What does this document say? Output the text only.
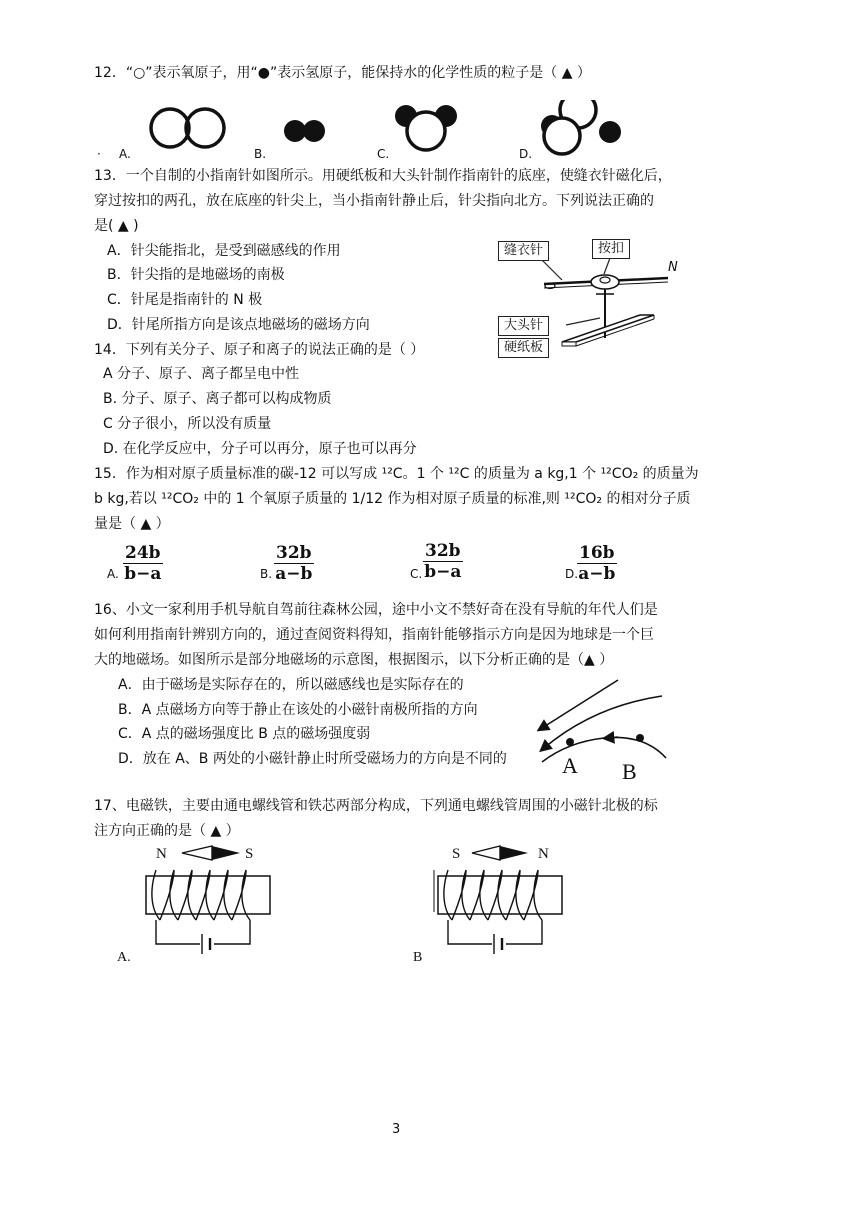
12．“○”表示氧原子，用“●”表示氢原子，能保持水的化学性质的粒子是（ ▲ ）
· A.	B.	C.	D.
13．一个自制的小指南针如图所示。用硬纸板和大头针制作指南针的底座，使缝衣针磁化后，
穿过按扣的两孔，放在底座的针尖上，当小指南针静止后，针尖指向北方。下列说法正确的
是( ▲ )
A．针尖能指北，是受到磁感线的作用
B．针尖指的是地磁场的南极
C．针尾是指南针的 N 极
D．针尾所指方向是该点地磁场的磁场方向
缝衣针	按扣
大头针
硬纸板
N
14．下列有关分子、原子和离子的说法正确的是（ ）
A 分子、原子、离子都呈电中性
B. 分子、原子、离子都可以构成物质
C 分子很小，所以没有质量
D. 在化学反应中，分子可以再分，原子也可以再分
15．作为相对原子质量标准的碳-12 可以写成 ¹²C。1 个 ¹²C 的质量为 a kg,1 个 ¹²CO₂ 的质量为
b kg,若以 ¹²CO₂ 中的 1 个氧原子质量的 1/12 作为相对原子质量的标准,则 ¹²CO₂ 的相对分子质
量是（ ▲ ）
A. $\frac{24b}{b-a}$	B. $\frac{32b}{a-b}$	C. $\frac{32b}{b-a}$	D.
$\frac{16b}{a-b}$
16、小文一家利用手机导航自驾前往森林公园，途中小文不禁好奇在没有导航的年代人们是
如何利用指南针辨别方向的，通过查阅资料得知，指南针能够指示方向是因为地球是一个巨
大的地磁场。如图所示是部分地磁场的示意图，根据图示，以下分析正确的是（▲ ）
A．由于磁场是实际存在的，所以磁感线也是实际存在的
B．A 点磁场方向等于静止在该处的小磁针南极所指的方向
C．A 点的磁场强度比 B 点的磁场强度弱
D．放在 A、B 两处的小磁针静止时所受磁场力的方向是不同的	A B
17、电磁铁，主要由通电螺线管和铁芯两部分构成，下列通电螺线管周围的小磁针北极的标
注方向正确的是（ ▲ ）
N	S
A.
S	N
B
3
